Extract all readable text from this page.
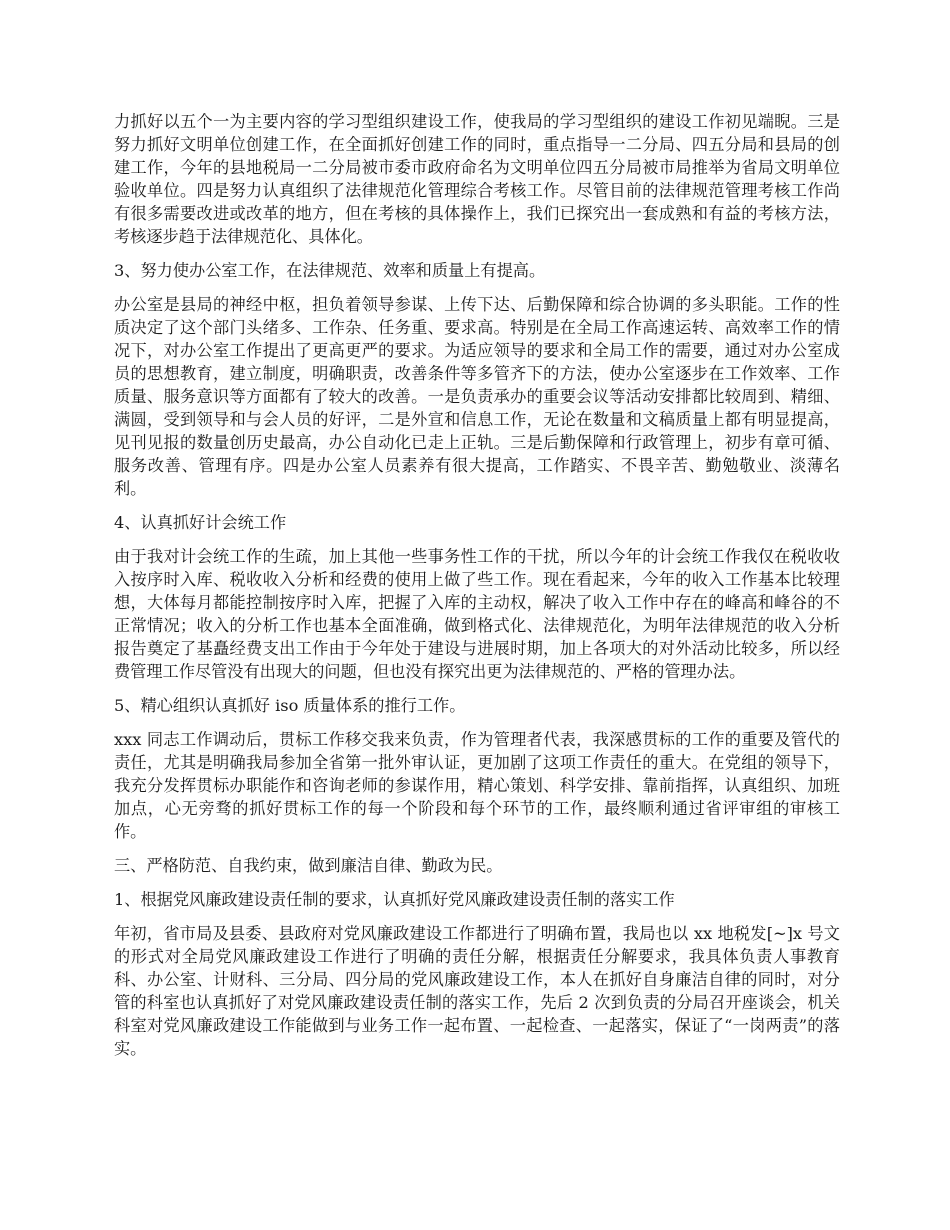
力抓好以五个一为主要内容的学习型组织建设工作，使我局的学习型组织的建设工作初见端睨。三是努力抓好文明单位创建工作，在全面抓好创建工作的同时，重点指导一二分局、四五分局和县局的创建工作，今年的县地税局一二分局被市委市政府命名为文明单位四五分局被市局推举为省局文明单位验收单位。四是努力认真组织了法律规范化管理综合考核工作。尽管目前的法律规范管理考核工作尚有很多需要改进或改革的地方，但在考核的具体操作上，我们已探究出一套成熟和有益的考核方法，考核逐步趋于法律规范化、具体化。

3、努力使办公室工作，在法律规范、效率和质量上有提高。

办公室是县局的神经中枢，担负着领导参谋、上传下达、后勤保障和综合协调的多头职能。工作的性质决定了这个部门头绪多、工作杂、任务重、要求高。特别是在全局工作高速运转、高效率工作的情况下，对办公室工作提出了更高更严的要求。为适应领导的要求和全局工作的需要，通过对办公室成员的思想教育，建立制度，明确职责，改善条件等多管齐下的方法，使办公室逐步在工作效率、工作质量、服务意识等方面都有了较大的改善。一是负责承办的重要会议等活动安排都比较周到、精细、满圆，受到领导和与会人员的好评，二是外宣和信息工作，无论在数量和文稿质量上都有明显提高，见刊见报的数量创历史最高，办公自动化已走上正轨。三是后勤保障和行政管理上，初步有章可循、服务改善、管理有序。四是办公室人员素养有很大提高，工作踏实、不畏辛苦、勤勉敬业、淡薄名利。

4、认真抓好计会统工作

由于我对计会统工作的生疏，加上其他一些事务性工作的干扰，所以今年的计会统工作我仅在税收收入按序时入库、税收收入分析和经费的使用上做了些工作。现在看起来，今年的收入工作基本比较理想，大体每月都能控制按序时入库，把握了入库的主动权，解决了收入工作中存在的峰高和峰谷的不正常情况；收入的分析工作也基本全面准确，做到格式化、法律规范化，为明年法律规范的收入分析报告奠定了基矗经费支出工作由于今年处于建设与进展时期，加上各项大的对外活动比较多，所以经费管理工作尽管没有出现大的问题，但也没有探究出更为法律规范的、严格的管理办法。

5、精心组织认真抓好 iso 质量体系的推行工作。

xxx 同志工作调动后，贯标工作移交我来负责，作为管理者代表，我深感贯标的工作的重要及管代的责任，尤其是明确我局参加全省第一批外审认证，更加剧了这项工作责任的重大。在党组的领导下，我充分发挥贯标办职能作和咨询老师的参谋作用，精心策划、科学安排、靠前指挥，认真组织、加班加点，心无旁骛的抓好贯标工作的每一个阶段和每个环节的工作，最终顺利通过省评审组的审核工作。

三、严格防范、自我约束，做到廉洁自律、勤政为民。

1、根据党风廉政建设责任制的要求，认真抓好党风廉政建设责任制的落实工作

年初，省市局及县委、县政府对党风廉政建设工作都进行了明确布置，我局也以 xx 地税发[~]x 号文的形式对全局党风廉政建设工作进行了明确的责任分解，根据责任分解要求，我具体负责人事教育科、办公室、计财科、三分局、四分局的党风廉政建设工作，本人在抓好自身廉洁自律的同时，对分管的科室也认真抓好了对党风廉政建设责任制的落实工作，先后 2 次到负责的分局召开座谈会，机关科室对党风廉政建设工作能做到与业务工作一起布置、一起检查、一起落实，保证了“一岗两责”的落实。
